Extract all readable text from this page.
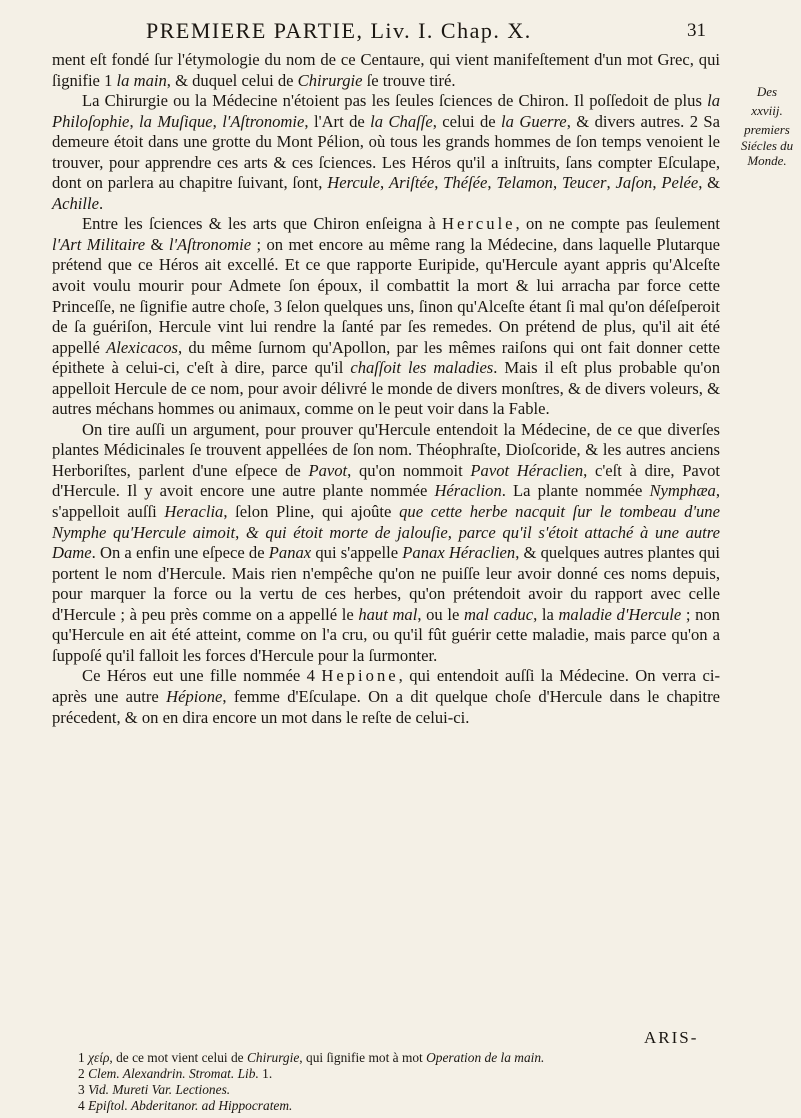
PREMIERE PARTIE, Liv. I. Chap. X.	31
Des
xxviij.
premiers
Siécles du
Monde.

ment eſt fondé ſur l'étymologie du nom de ce Centaure, qui vient manifeſtement d'un mot Grec, qui ſignifie 1 la main, & duquel celui de Chirurgie ſe trouve tiré.

La Chirurgie ou la Médecine n'étoient pas les ſeules ſciences de Chiron. Il poſſedoit de plus la Philoſophie, la Muſique, l'Aſtronomie, l'Art de la Chaſſe, celui de la Guerre, & divers autres. 2 Sa demeure étoit dans une grotte du Mont Pélion, où tous les grands hommes de ſon temps venoient le trouver, pour apprendre ces arts & ces ſciences. Les Héros qu'il a inſtruits, ſans compter Eſculape, dont on parlera au chapitre ſuivant, ſont, Hercule, Ariſtée, Théſée, Telamon, Teucer, Jaſon, Pelée, & Achille.

Entre les ſciences & les arts que Chiron enſeigna à Hercule, on ne compte pas ſeulement l'Art Militaire & l'Aſtronomie ; on met encore au même rang la Médecine, dans laquelle Plutarque prétend que ce Héros ait excellé. Et ce que rapporte Euripide, qu'Hercule ayant appris qu'Alceſte avoit voulu mourir pour Admete ſon époux, il combattit la mort & lui arracha par force cette Princeſſe, ne ſignifie autre choſe, 3 ſelon quelques uns, ſinon qu'Alceſte étant ſi mal qu'on déſeſperoit de ſa guériſon, Hercule vint lui rendre la ſanté par ſes remedes. On prétend de plus, qu'il ait été appellé Alexicacos, du même ſurnom qu'Apollon, par les mêmes raiſons qui ont fait donner cette épithete à celui-ci, c'eſt à dire, parce qu'il chaſſoit les maladies. Mais il eſt plus probable qu'on appelloit Hercule de ce nom, pour avoir délivré le monde de divers monſtres, & de divers voleurs, & autres méchans hommes ou animaux, comme on le peut voir dans la Fable.

On tire auſſi un argument, pour prouver qu'Hercule entendoit la Médecine, de ce que diverſes plantes Médicinales ſe trouvent appellées de ſon nom. Théophraſte, Dioſcoride, & les autres anciens Herboriſtes, parlent d'une eſpece de Pavot, qu'on nommoit Pavot Héraclien, c'eſt à dire, Pavot d'Hercule. Il y avoit encore une autre plante nommée Héraclion. La plante nommée Nymphæa, s'appelloit auſſi Heraclia, ſelon Pline, qui ajoûte que cette herbe nacquit ſur le tombeau d'une Nymphe qu'Hercule aimoit, & qui étoit morte de jalouſie, parce qu'il s'étoit attaché à une autre Dame. On a enfin une eſpece de Panax qui s'appelle Panax Héraclien, & quelques autres plantes qui portent le nom d'Hercule. Mais rien n'empêche qu'on ne puiſſe leur avoir donné ces noms depuis, pour marquer la force ou la vertu de ces herbes, qu'on prétendoit avoir du rapport avec celle d'Hercule ; à peu près comme on a appellé le haut mal, ou le mal caduc, la maladie d'Hercule ; non qu'Hercule en ait été atteint, comme on l'a cru, ou qu'il fût guérir cette maladie, mais parce qu'on a ſuppoſé qu'il falloit les forces d'Hercule pour la ſurmonter.

Ce Héros eut une fille nommée 4 Hepione, qui entendoit auſſi la Médecine. On verra ci-après une autre Hépione, femme d'Eſculape. On a dit quelque choſe d'Hercule dans le chapitre précedent, & on en dira encore un mot dans le reſte de celui-ci.

ARIS-
1 χείρ, de ce mot vient celui de Chirurgie, qui ſignifie mot à mot Operation de la main.
2 Clem. Alexandrin. Stromat. Lib. 1.
3 Vid. Mureti Var. Lectiones.
4 Epiſtol. Abderitanor. ad Hippocratem.
